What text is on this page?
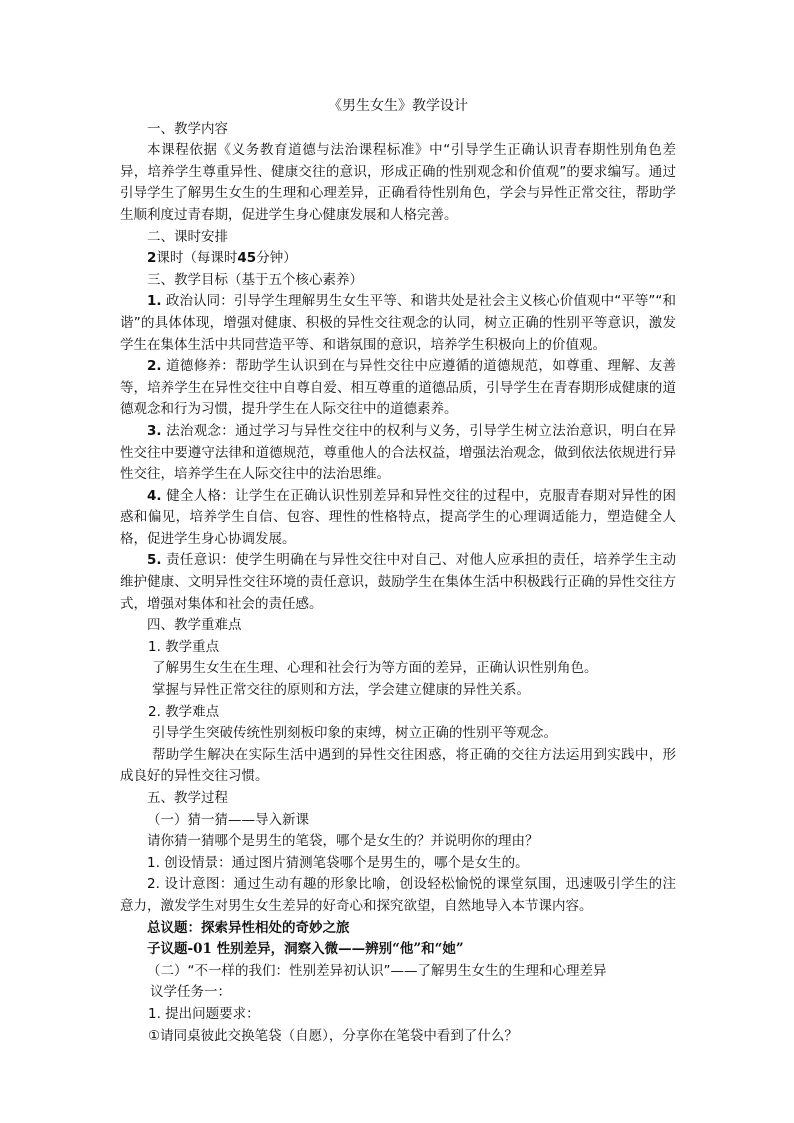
《男生女生》教学设计

一、教学内容

本课程依据《义务教育道德与法治课程标准》中“引导学生正确认识青春期性别角色差异，培养学生尊重异性、健康交往的意识，形成正确的性别观念和价值观”的要求编写。通过引导学生了解男生女生的生理和心理差异，正确看待性别角色，学会与异性正常交往，帮助学生顺利度过青春期，促进学生身心健康发展和人格完善。

二、课时安排

2课时（每课时45分钟）

三、教学目标（基于五个核心素养）

1. 政治认同：引导学生理解男生女生平等、和谐共处是社会主义核心价值观中“平等”“和谐”的具体体现，增强对健康、积极的异性交往观念的认同，树立正确的性别平等意识，激发学生在集体生活中共同营造平等、和谐氛围的意识，培养学生积极向上的价值观。

2. 道德修养：帮助学生认识到在与异性交往中应遵循的道德规范，如尊重、理解、友善等，培养学生在异性交往中自尊自爱、相互尊重的道德品质，引导学生在青春期形成健康的道德观念和行为习惯，提升学生在人际交往中的道德素养。

3. 法治观念：通过学习与异性交往中的权利与义务，引导学生树立法治意识，明白在异性交往中要遵守法律和道德规范，尊重他人的合法权益，增强法治观念，做到依法依规进行异性交往，培养学生在人际交往中的法治思维。

4. 健全人格：让学生在正确认识性别差异和异性交往的过程中，克服青春期对异性的困惑和偏见，培养学生自信、包容、理性的性格特点，提高学生的心理调适能力，塑造健全人格，促进学生身心协调发展。

5. 责任意识：使学生明确在与异性交往中对自己、对他人应承担的责任，培养学生主动维护健康、文明异性交往环境的责任意识，鼓励学生在集体生活中积极践行正确的异性交往方式，增强对集体和社会的责任感。

四、教学重难点

1. 教学重点

了解男生女生在生理、心理和社会行为等方面的差异，正确认识性别角色。

掌握与异性正常交往的原则和方法，学会建立健康的异性关系。

2. 教学难点

引导学生突破传统性别刻板印象的束缚，树立正确的性别平等观念。

帮助学生解决在实际生活中遇到的异性交往困惑，将正确的交往方法运用到实践中，形成良好的异性交往习惯。

五、教学过程

（一）猜一猜——导入新课

请你猜一猜哪个是男生的笔袋，哪个是女生的？并说明你的理由？

1. 创设情景：通过图片猜测笔袋哪个是男生的，哪个是女生的。

2. 设计意图：通过生动有趣的形象比喻，创设轻松愉悦的课堂氛围，迅速吸引学生的注意力，激发学生对男生女生差异的好奇心和探究欲望，自然地导入本节课内容。

总议题：探索异性相处的奇妙之旅

子议题-01 性别差异，洞察入微——辨别“他”和“她”

（二）“不一样的我们：性别差异初认识”——了解男生女生的生理和心理差异

议学任务一：

1. 提出问题要求：

①请同桌彼此交换笔袋（自愿），分享你在笔袋中看到了什么？
